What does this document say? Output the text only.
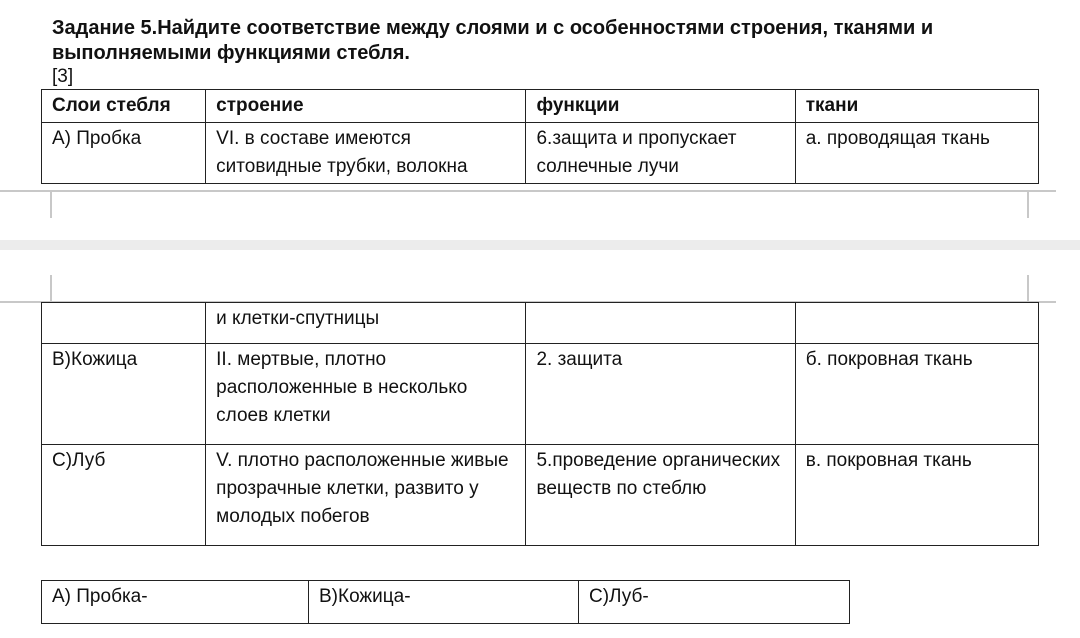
Задание 5.Найдите соответствие между слоями и с особенностями строения, тканями и выполняемыми функциями стебля.
[3]
Слои стебля	строение	функции	ткани
А) Пробка	VI. в составе имеются ситовидные трубки, волокна	6.защита и пропускает солнечные лучи	а. проводящая ткань
	и клетки-спутницы		
В)Кожица	II. мертвые, плотно расположенные в несколько слоев клетки	2. защита	б. покровная ткань
С)Луб	V. плотно расположенные живые прозрачные клетки, развито у молодых побегов	5.проведение органических веществ по стеблю	в. покровная ткань
А) Пробка-	В)Кожица-	С)Луб-
